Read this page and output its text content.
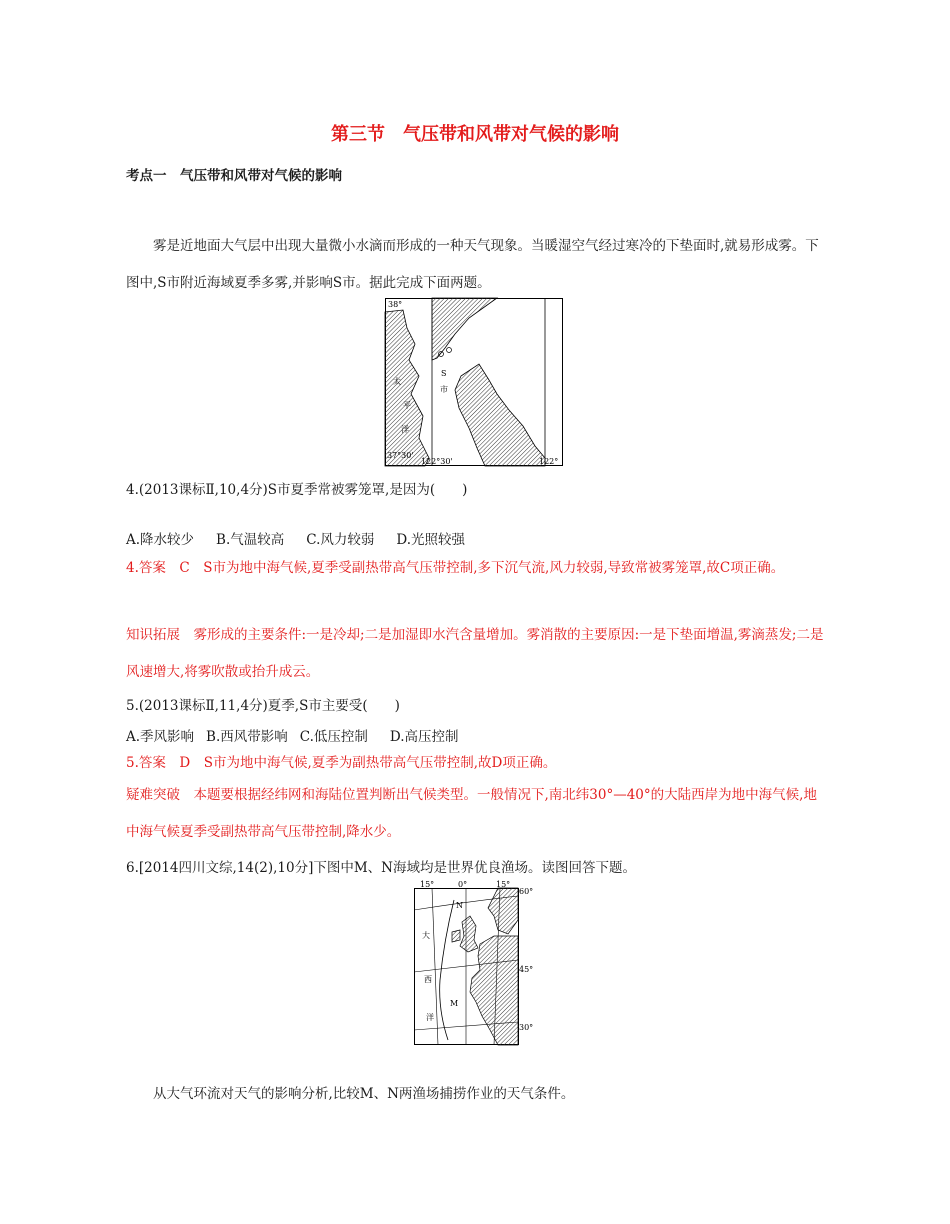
第三节　气压带和风带对气候的影响
考点一　气压带和风带对气候的影响
雾是近地面大气层中出现大量微小水滴而形成的一种天气现象。当暖湿空气经过寒冷的下垫面时,就易形成雾。下图中,S市附近海域夏季多雾,并影响S市。据此完成下面两题。
38°
37°30'
122°30'	122°
S
市
太
平
洋
4.(2013课标Ⅱ,10,4分)S市夏季常被雾笼罩,是因为(　　)
A.降水较少 B.气温较高 C.风力较弱 D.光照较强
4.答案　C　S市为地中海气候,夏季受副热带高气压带控制,多下沉气流,风力较弱,导致常被雾笼罩,故C项正确。
知识拓展　雾形成的主要条件:一是冷却;二是加湿即水汽含量增加。雾消散的主要原因:一是下垫面增温,雾滴蒸发;二是风速增大,将雾吹散或抬升成云。
5.(2013课标Ⅱ,11,4分)夏季,S市主要受(　　)
A.季风影响 B.西风带影响 C.低压控制 D.高压控制
5.答案　D　S市为地中海气候,夏季为副热带高气压带控制,故D项正确。
疑难突破　本题要根据经纬网和海陆位置判断出气候类型。一般情况下,南北纬30°—40°的大陆西岸为地中海气候,地中海气候夏季受副热带高气压带控制,降水少。
6.[2014四川文综,14(2),10分]下图中M、N海域均是世界优良渔场。读图回答下题。
15°	0°	15°
60°
45°
30°
N
M
大
西
洋
从大气环流对天气的影响分析,比较M、N两渔场捕捞作业的天气条件。
